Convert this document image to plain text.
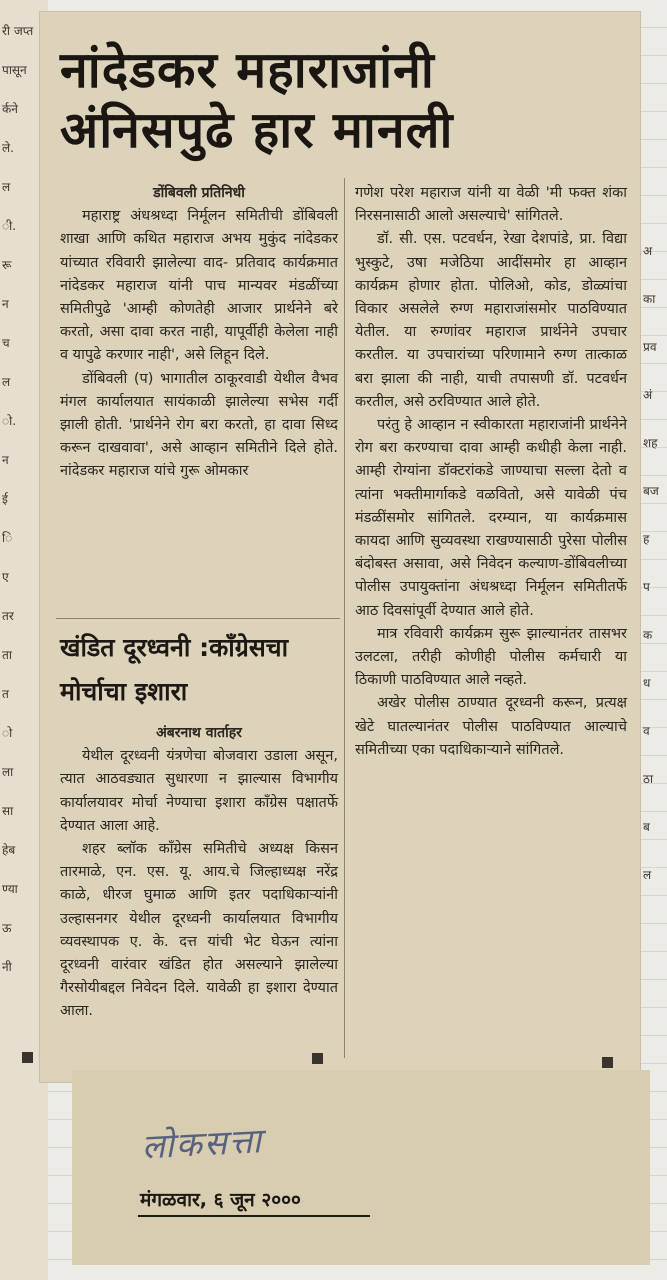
री जप्त
पासून
र्कने
ले.
ल
ी.
रू
न
च
ल
ो.
न
ई
ि
ए
तर
ता
त
ो
ला
सा
हेब
ण्या
ऊ
नी
अ
का
प्रव
अं
शह
बज
ह
प
क
ध
व
ठा
ब
ल
नांदेडकर महाराजांनी
अंनिसपुढे हार मानली

डोंबिवली प्रतिनिधी

महाराष्ट्र अंधश्रध्दा निर्मूलन समितीची डोंबिवली शाखा आणि कथित महाराज अभय मुकुंद नांदेडकर यांच्यात रविवारी झालेल्या वाद- प्रतिवाद कार्यक्रमात नांदेडकर महाराज यांनी पाच मान्यवर मंडळींच्या समितीपुढे 'आम्ही कोणतेही आजार प्रार्थनेने बरे करतो, असा दावा करत नाही, यापूर्वीही केलेला नाही व यापुढे करणार नाही', असे लिहून दिले.

डोंबिवली (प) भागातील ठाकूरवाडी येथील वैभव मंगल कार्यालयात सायंकाळी झालेल्या सभेस गर्दी झाली होती. 'प्रार्थनेने रोग बरा करतो, हा दावा सिध्द करून दाखवावा', असे आव्हान समितीने दिले होते. नांदेडकर महाराज यांचे गुरू ओमकार

गणेश परेश महाराज यांनी या वेळी 'मी फक्त शंका निरसनासाठी आलो असल्याचे' सांगितले.

डॉ. सी. एस. पटवर्धन, रेखा देशपांडे, प्रा. विद्या भुस्कुटे, उषा मजेठिया आदींसमोर हा आव्हान कार्यक्रम होणार होता. पोलिओ, कोड, डोळ्यांचा विकार असलेले रुग्ण महाराजांसमोर पाठविण्यात येतील. या रुग्णांवर महाराज प्रार्थनेने उपचार करतील. या उपचारांच्या परिणामाने रुग्ण तात्काळ बरा झाला की नाही, याची तपासणी डॉ. पटवर्धन करतील, असे ठरविण्यात आले होते.

परंतु हे आव्हान न स्वीकारता महाराजांनी प्रार्थनेने रोग बरा करण्याचा दावा आम्ही कधीही केला नाही. आम्ही रोग्यांना डॉक्टरांकडे जाण्याचा सल्ला देतो व त्यांना भक्तीमार्गाकडे वळवितो, असे यावेळी पंच मंडळींसमोर सांगितले. दरम्यान, या कार्यक्रमास कायदा आणि सुव्यवस्था राखण्यासाठी पुरेसा पोलीस बंदोबस्त असावा, असे निवेदन कल्याण-डोंबिवलीच्या पोलीस उपायुक्तांना अंधश्रध्दा निर्मूलन समितीतर्फे आठ दिवसांपूर्वी देण्यात आले होते.

मात्र रविवारी कार्यक्रम सुरू झाल्यानंतर तासभर उलटला, तरीही कोणीही पोलीस कर्मचारी या ठिकाणी पाठविण्यात आले नव्हते.

अखेर पोलीस ठाण्यात दूरध्वनी करून, प्रत्यक्ष खेटे घातल्यानंतर पोलीस पाठविण्यात आल्याचे समितीच्या एका पदाधिकाऱ्याने सांगितले.

खंडित दूरध्वनी :कॉंग्रेसचा
मोर्चाचा इशारा

अंबरनाथ वार्ताहर

येथील दूरध्वनी यंत्रणेचा बोजवारा उडाला असून, त्यात आठवड्यात सुधारणा न झाल्यास विभागीय कार्यालयावर मोर्चा नेण्याचा इशारा कॉंग्रेस पक्षातर्फे देण्यात आला आहे.

शहर ब्लॉक कॉंग्रेस समितीचे अध्यक्ष किसन तारमाळे, एन. एस. यू. आय.चे जिल्हाध्यक्ष नरेंद्र काळे, धीरज घुमाळ आणि इतर पदाधिकाऱ्यांनी उल्हासनगर येथील दूरध्वनी कार्यालयात विभागीय व्यवस्थापक ए. के. दत्त यांची भेट घेऊन त्यांना दूरध्वनी वारंवार खंडित होत असल्याने झालेल्या गैरसोयीबद्दल निवेदन दिले. यावेळी हा इशारा देण्यात आला.

लोकसत्ता
मंगळवार, ६ जून २०००
